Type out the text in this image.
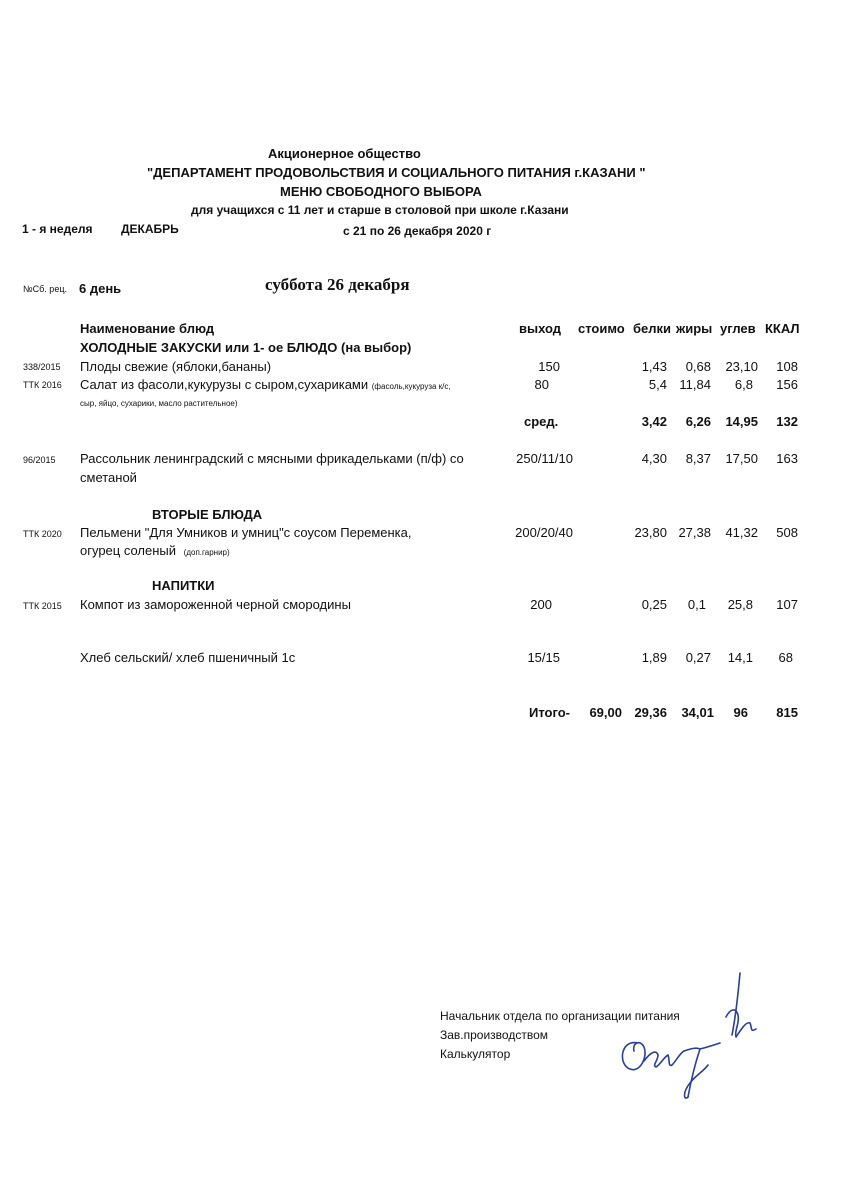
Акционерное общество
"ДЕПАРТАМЕНТ ПРОДОВОЛЬСТВИЯ И СОЦИАЛЬНОГО ПИТАНИЯ г.КАЗАНИ "
МЕНЮ СВОБОДНОГО ВЫБОРА
для учащихся с 11 лет и старше в столовой при школе г.Казани
1 - я неделя ДЕКАБРЬ	с 21 по 26 декабря 2020 г
№Сб. рец. 6 день	суббота 26 декабря
Наименование блюд	выход стоимо белки жиры углев ККАЛ
ХОЛОДНЫЕ ЗАКУСКИ или 1- ое БЛЮДО (на выбор)
338/2015 Плоды свежие (яблоки,бананы)	150	1,43	0,68	23,10	108
ТТК 2016 Салат из фасоли,кукурузы с сыром,сухариками (фасоль,кукуруза к/с,
сыр, яйцо, сухарики, масло растительное)
80	5,4 11,84	6,8	156
сред.	3,42	6,26	14,95	132
96/2015 Рассольник ленинградский с мясными фрикадельками (п/ф) со
сметаной
250/11/10	4,30	8,37	17,50	163
ВТОРЫЕ БЛЮДА
ТТК 2020 Пельмени "Для Умников и умниц"с соусом Переменка,
огурец соленый (доп.гарнир)
200/20/40	23,80 27,38	41,32	508
НАПИТКИ
ТТК 2015 Компот из замороженной черной смородины	200	0,25	0,1	25,8	107
Хлеб сельский/ хлеб пшеничный 1с	15/15	1,89	0,27	14,1	68
Итого-	69,00 29,36	34,01	96	815
Начальник отдела по организации питания
Зав.производством
Калькулятор
